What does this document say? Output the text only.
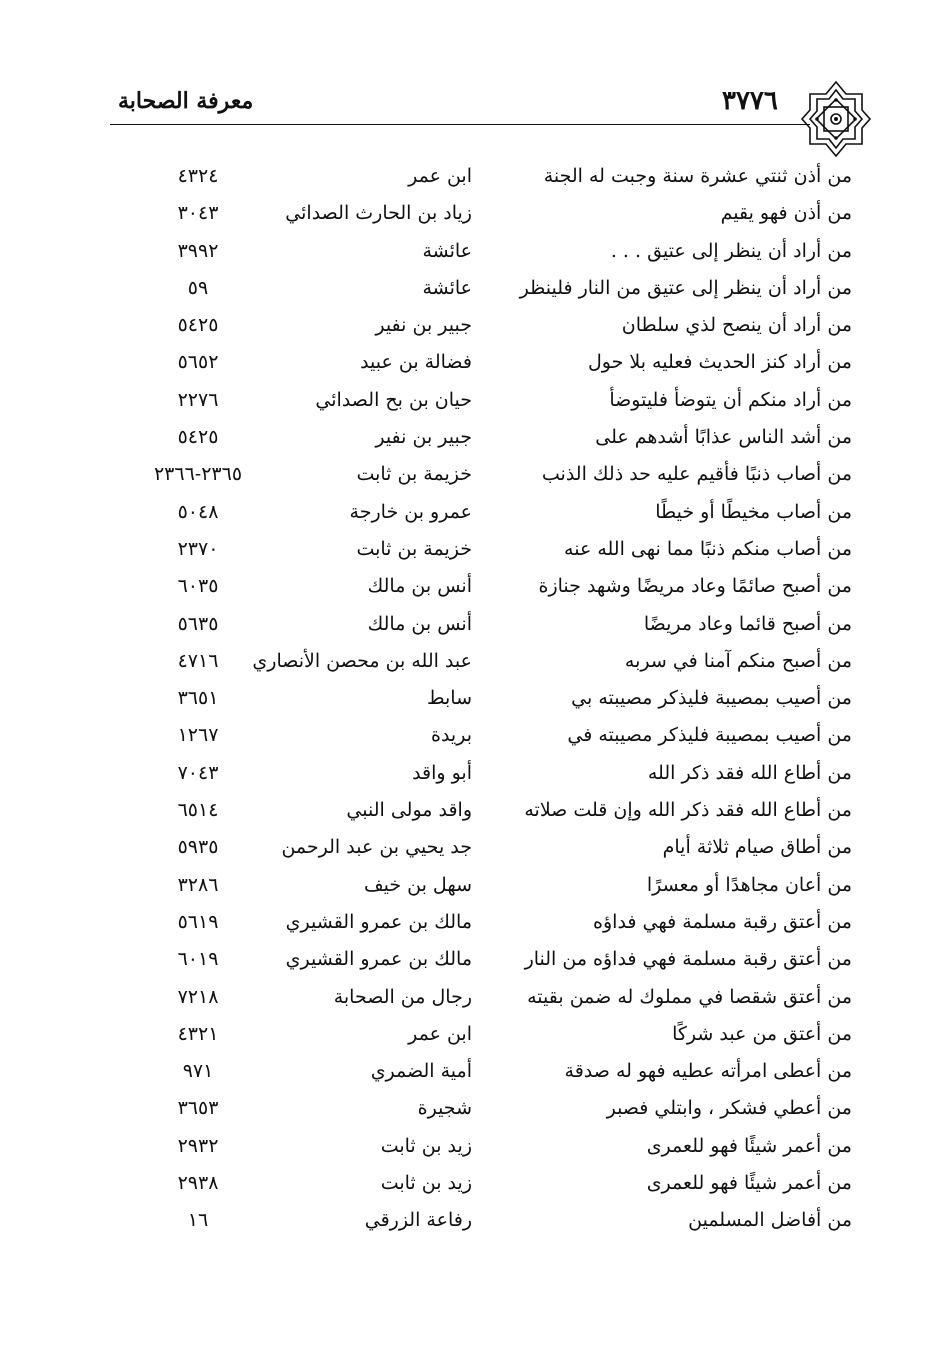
معرفة الصحابة	٣٧٧٦
من أذن ثنتي عشرة سنة وجبت له الجنة
ابن عمر
٤٣٢٤
من أذن فهو يقيم
زياد بن الحارث الصدائي
٣٠٤٣
من أراد أن ينظر إلى عتيق . . .
عائشة
٣٩٩٢
من أراد أن ينظر إلى عتيق من النار فلينظر
عائشة
٥٩
من أراد أن ينصح لذي سلطان
جبير بن نفير
٥٤٢٥
من أراد كنز الحديث فعليه بلا حول
فضالة بن عبيد
٥٦٥٢
من أراد منكم أن يتوضأ فليتوضأ
حيان بن بح الصدائي
٢٢٧٦
من أشد الناس عذابًا أشدهم على
جبير بن نفير
٥٤٢٥
من أصاب ذنبًا فأقيم عليه حد ذلك الذنب
خزيمة بن ثابت
٢٣٦٥-٢٣٦٦
من أصاب مخيطًا أو خيطًا
عمرو بن خارجة
٥٠٤٨
من أصاب منكم ذنبًا مما نهى الله عنه
خزيمة بن ثابت
٢٣٧٠
من أصبح صائمًا وعاد مريضًا وشهد جنازة
أنس بن مالك
٦٠٣٥
من أصبح قائما وعاد مريضًا
أنس بن مالك
٥٦٣٥
من أصبح منكم آمنا في سربه
عبد الله بن محصن الأنصاري
٤٧١٦
من أصيب بمصيبة فليذكر مصيبته بي
سابط
٣٦٥١
من أصيب بمصيبة فليذكر مصيبته في
بريدة
١٢٦٧
من أطاع الله فقد ذكر الله
أبو واقد
٧٠٤٣
من أطاع الله فقد ذكر الله وإن قلت صلاته
واقد مولى النبي
٦٥١٤
من أطاق صيام ثلاثة أيام
جد يحيي بن عبد الرحمن
٥٩٣٥
من أعان مجاهدًا أو معسرًا
سهل بن خيف
٣٢٨٦
من أعتق رقبة مسلمة فهي فداؤه
مالك بن عمرو القشيري
٥٦١٩
من أعتق رقبة مسلمة فهي فداؤه من النار
مالك بن عمرو القشيري
٦٠١٩
من أعتق شقصا في مملوك له ضمن بقيته
رجال من الصحابة
٧٢١٨
من أعتق من عبد شركًا
ابن عمر
٤٣٢١
من أعطى امرأته عطيه فهو له صدقة
أمية الضمري
٩٧١
من أعطي فشكر ، وابتلي فصبر
شجيرة
٣٦٥٣
من أعمر شيئًا فهو للعمرى
زيد بن ثابت
٢٩٣٢
من أعمر شيئًا فهو للعمرى
زيد بن ثابت
٢٩٣٨
من أفاضل المسلمين
رفاعة الزرقي
١٦
